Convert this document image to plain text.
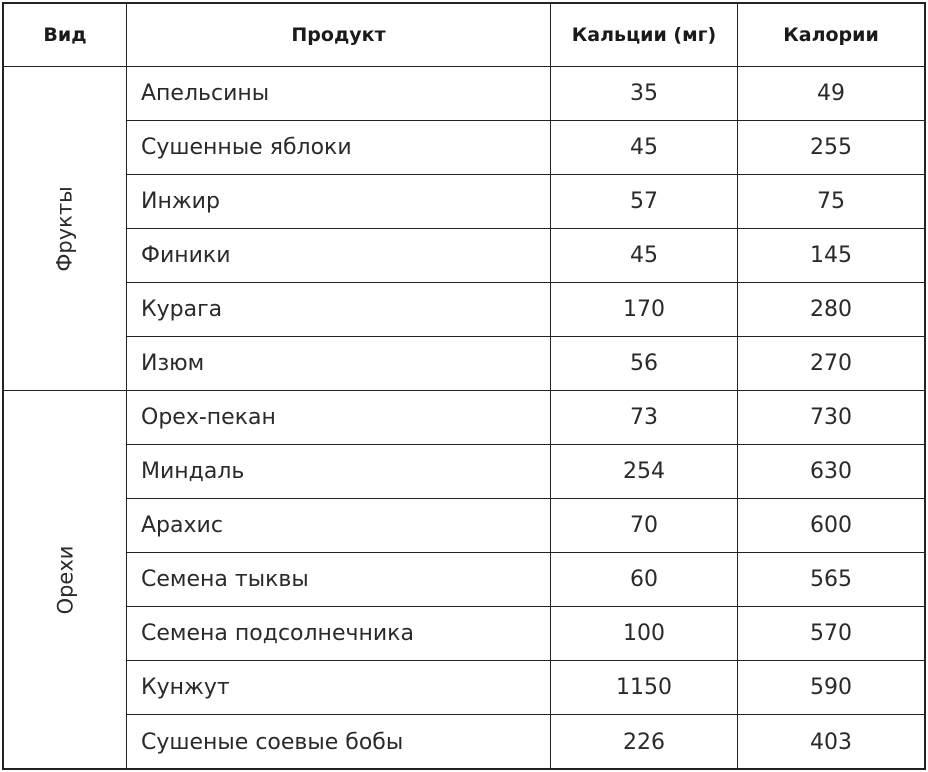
Вид	Продукт	Кальции (мг)	Калории
Фрукты
Апельсины	35	49
Сушенные яблоки	45	255
Инжир	57	75
Финики	45	145
Курага	170	280
Изюм	56	270
Орехи
Орех-пекан	73	730
Миндаль	254	630
Арахис	70	600
Семена тыквы	60	565
Семена подсолнечника	100	570
Кунжут	1150	590
Сушеные соевые бобы	226	403
